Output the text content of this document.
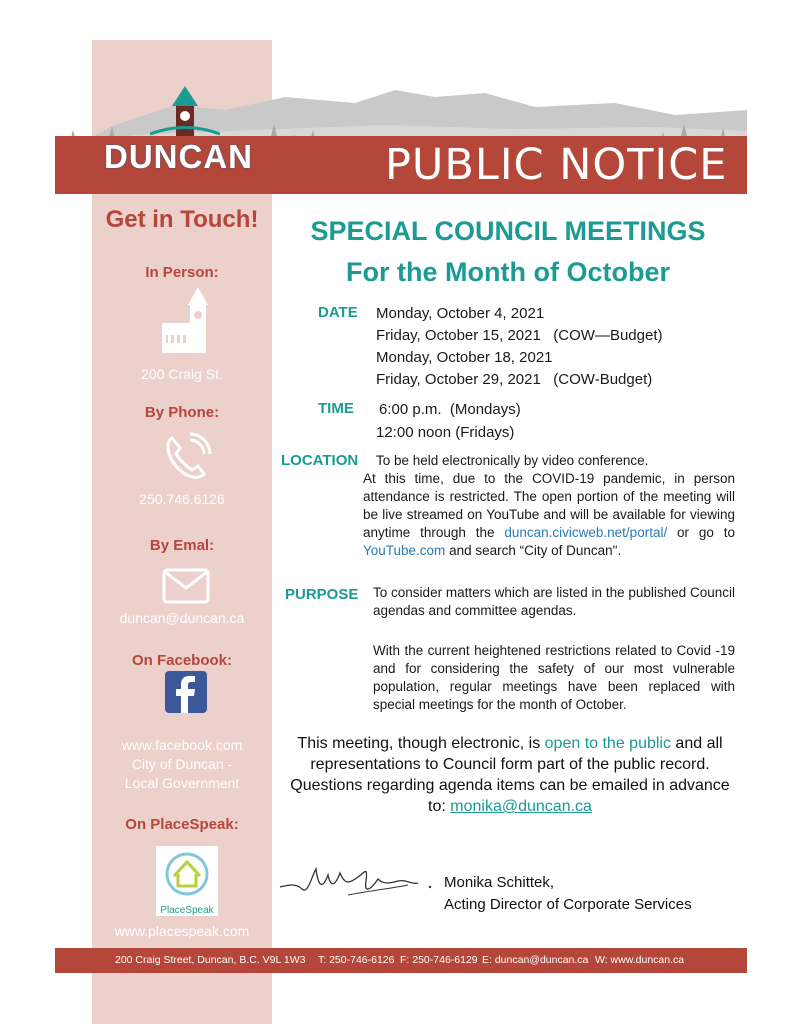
DUNCAN	PUBLIC NOTICE
Get in Touch!
In Person:
200 Craig St.
By Phone:
250.746.6126
By Emal:
duncan@duncan.ca
On Facebook:
www.facebook.com
City of Duncan -
Local Government
On PlaceSpeak:
PlaceSpeak
www.placespeak.com
SPECIAL COUNCIL MEETINGS
For the Month of October
DATE Monday, October 4, 2021
Friday, October 15, 2021   (COW—Budget)
Monday, October 18, 2021
Friday, October 29, 2021   (COW-Budget)
TIME 6:00 p.m.  (Mondays)
12:00 noon (Fridays)
LOCATION To be held electronically by video conference.
At this time, due to the COVID-19 pandemic, in person attendance is restricted. The open portion of the meeting will be live streamed on YouTube and will be available for viewing anytime through the duncan.civicweb.net/portal/ or go to YouTube.com and search “City of Duncan".
PURPOSE To consider matters which are listed in the published Council agendas and committee agendas.
With the current heightened restrictions related to Covid -19 and for considering the safety of our most vulnerable population, regular meetings have been replaced with special meetings for the month of October.
This meeting, though electronic, is open to the public and all representations to Council form part of the public record. Questions regarding agenda items can be emailed in advance to: monika@duncan.ca
Monika Schittek,
Acting Director of Corporate Services
200 Craig Street, Duncan, B.C. V9L 1W3 T: 250-746-6126 F: 250-746-6129 E: duncan@duncan.ca W: www.duncan.ca
